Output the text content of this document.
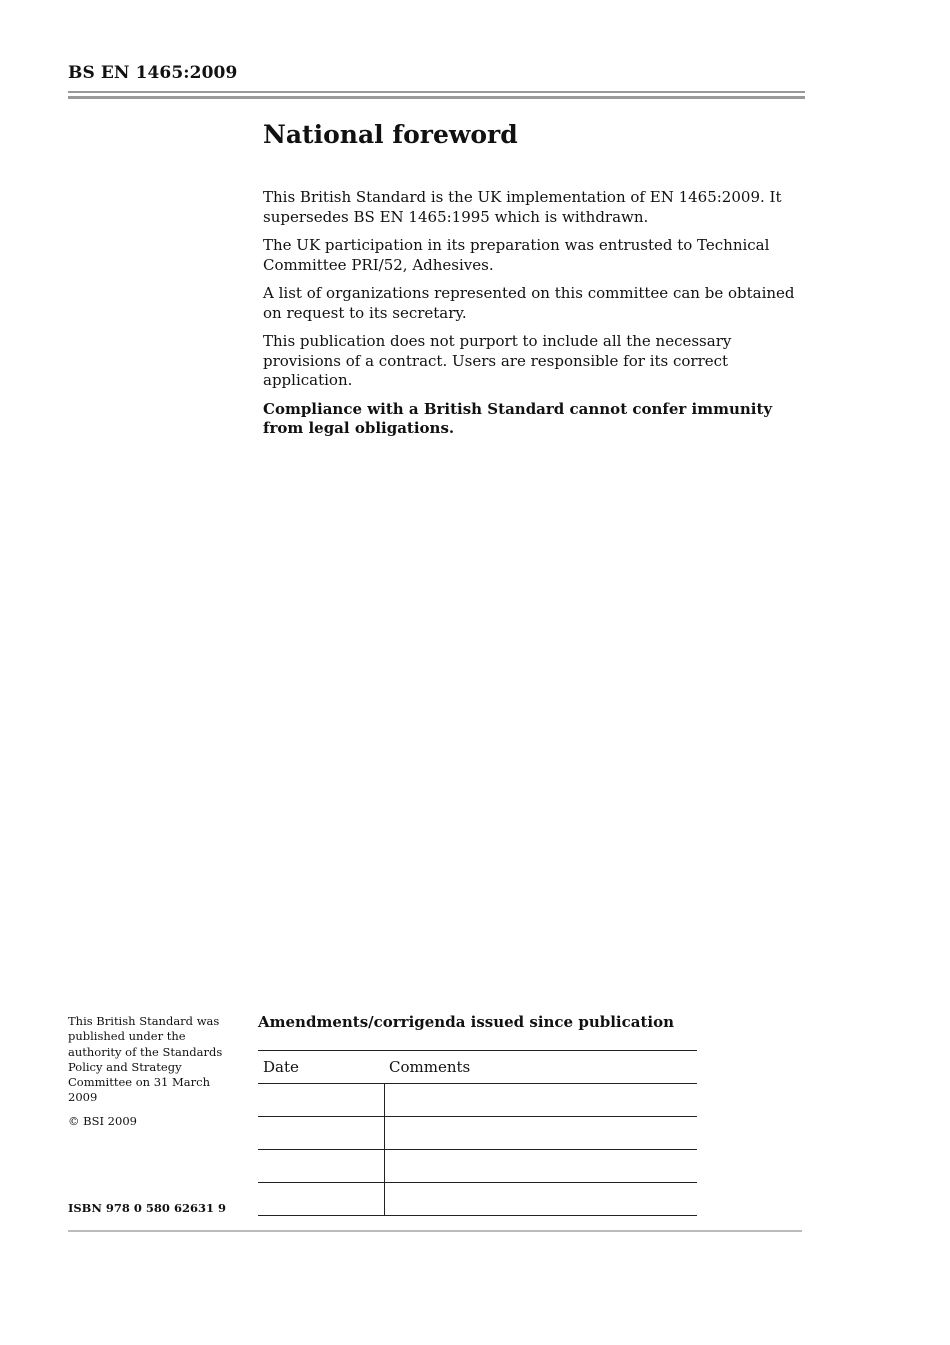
BS EN 1465:2009
National foreword

This British Standard is the UK implementation of EN 1465:2009. It supersedes BS EN 1465:1995 which is withdrawn.

The UK participation in its preparation was entrusted to Technical Committee PRI/52, Adhesives.

A list of organizations represented on this committee can be obtained on request to its secretary.

This publication does not purport to include all the necessary provisions of a contract. Users are responsible for its correct application.

Compliance with a British Standard cannot confer immunity from legal obligations.

This British Standard was published under the authority of the Standards Policy and Strategy Committee on 31 March 2009

© BSI 2009

ISBN 978 0 580 62631 9
Amendments/corrigenda issued since publication
Date	Comments
